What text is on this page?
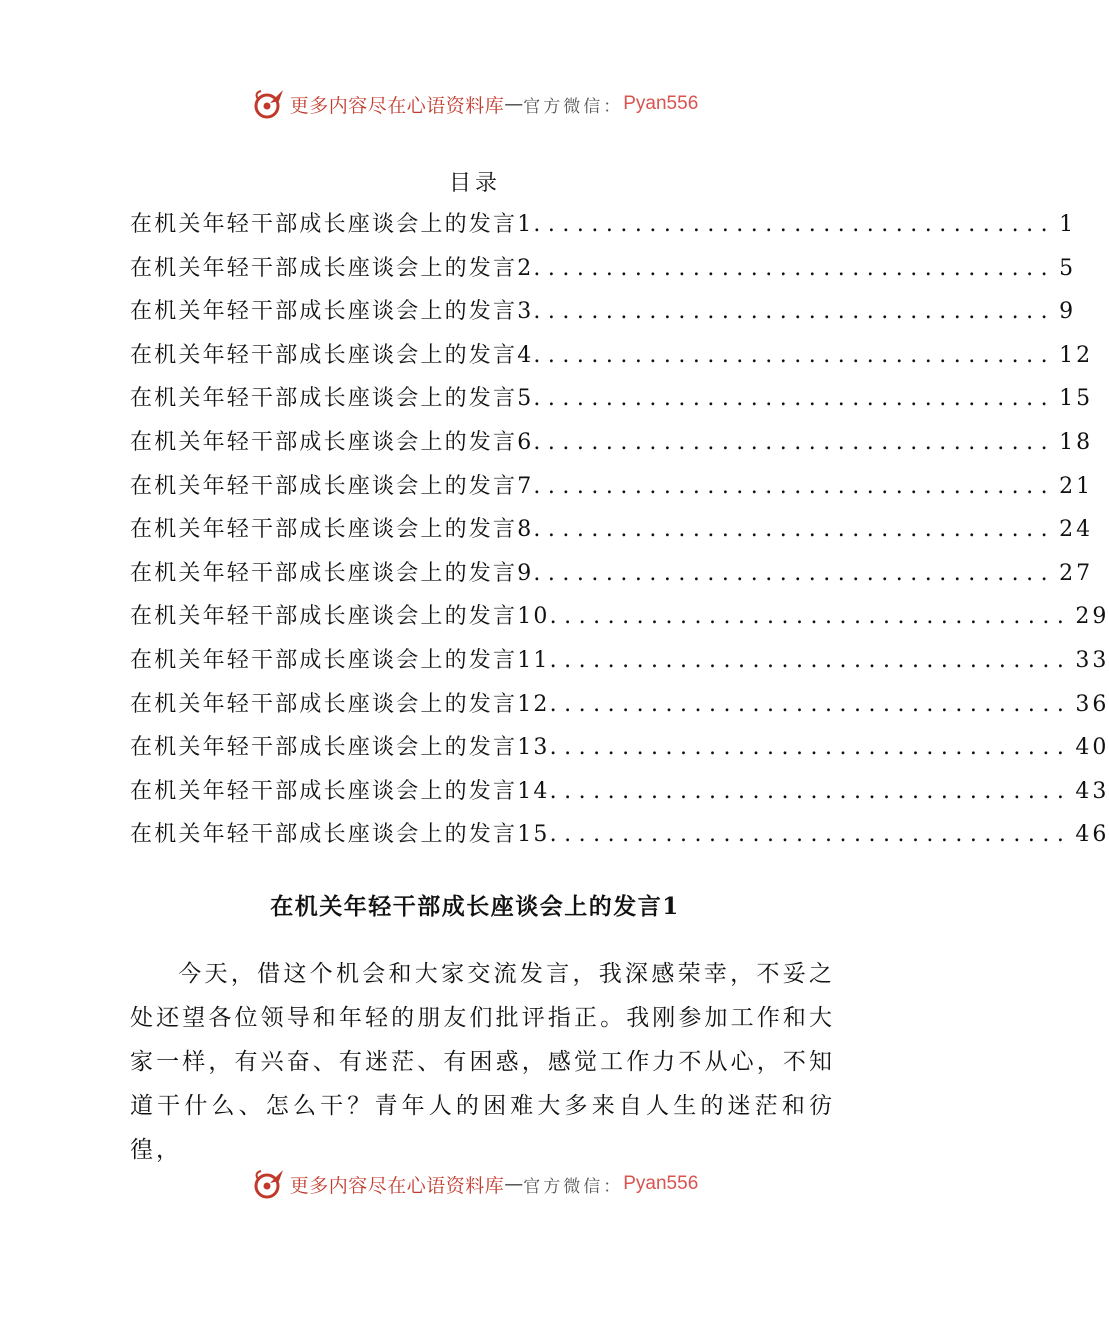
更多内容尽在心语资料库 — 官方微信： Pyan556
目录
在机关年轻干部成长座谈会上的发言1 .................................... 1
在机关年轻干部成长座谈会上的发言2 .................................... 5
在机关年轻干部成长座谈会上的发言3 .................................... 9
在机关年轻干部成长座谈会上的发言4 .................................... 12
在机关年轻干部成长座谈会上的发言5 .................................... 15
在机关年轻干部成长座谈会上的发言6 .................................... 18
在机关年轻干部成长座谈会上的发言7 .................................... 21
在机关年轻干部成长座谈会上的发言8 .................................... 24
在机关年轻干部成长座谈会上的发言9 .................................... 27
在机关年轻干部成长座谈会上的发言10 .................................... 29
在机关年轻干部成长座谈会上的发言11 .................................... 33
在机关年轻干部成长座谈会上的发言12 .................................... 36
在机关年轻干部成长座谈会上的发言13 .................................... 40
在机关年轻干部成长座谈会上的发言14 .................................... 43
在机关年轻干部成长座谈会上的发言15 .................................... 46
在机关年轻干部成长座谈会上的发言1
今天，借这个机会和大家交流发言，我深感荣幸，不妥之处还望各位领导和年轻的朋友们批评指正。我刚参加工作和大家一样，有兴奋、有迷茫、有困惑，感觉工作力不从心，不知道干什么、怎么干？青年人的困难大多来自人生的迷茫和彷徨，
更多内容尽在心语资料库 — 官方微信： Pyan556
